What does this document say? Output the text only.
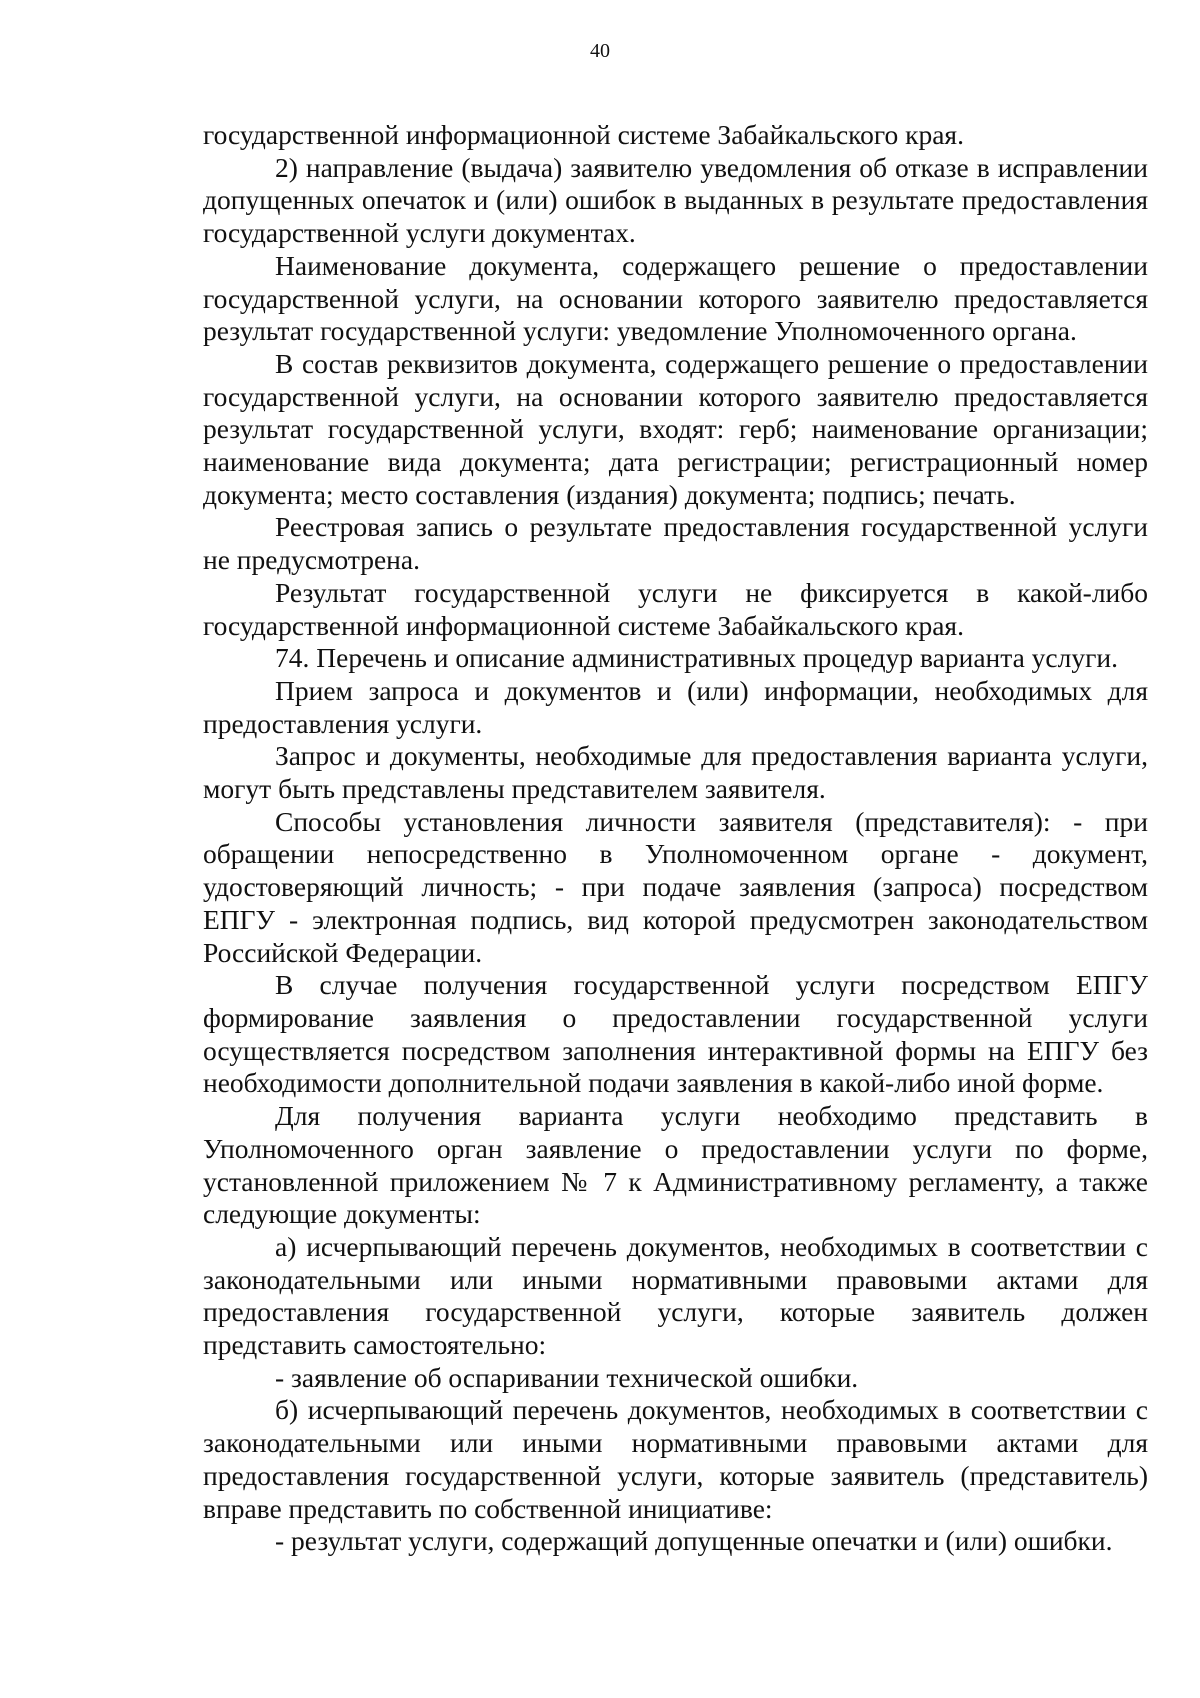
40

государственной информационной системе Забайкальского края.

2) направление (выдача) заявителю уведомления об отказе в исправлении допущенных опечаток и (или) ошибок в выданных в результате предоставления государственной услуги документах.

Наименование документа, содержащего решение о предоставлении государственной услуги, на основании которого заявителю предоставляется результат государственной услуги: уведомление Уполномоченного органа.

В состав реквизитов документа, содержащего решение о предоставлении государственной услуги, на основании которого заявителю предоставляется результат государственной услуги, входят: герб; наименование организации; наименование вида документа; дата регистрации; регистрационный номер документа; место составления (издания) документа; подпись; печать.

Реестровая запись о результате предоставления государственной услуги не предусмотрена.

Результат государственной услуги не фиксируется в какой-либо государственной информационной системе Забайкальского края.

74. Перечень и описание административных процедур варианта услуги.

Прием запроса и документов и (или) информации, необходимых для предоставления услуги.

Запрос и документы, необходимые для предоставления варианта услуги, могут быть представлены представителем заявителя.

Способы установления личности заявителя (представителя): - при обращении непосредственно в Уполномоченном органе - документ, удостоверяющий личность; - при подаче заявления (запроса) посредством ЕПГУ - электронная подпись, вид которой предусмотрен законодательством Российской Федерации.

В случае получения государственной услуги посредством ЕПГУ формирование заявления о предоставлении государственной услуги осуществляется посредством заполнения интерактивной формы на ЕПГУ без необходимости дополнительной подачи заявления в какой-либо иной форме.

Для получения варианта услуги необходимо представить в Уполномоченного орган заявление о предоставлении услуги по форме, установленной приложением № 7 к Административному регламенту, а также следующие документы:

а) исчерпывающий перечень документов, необходимых в соответствии с законодательными или иными нормативными правовыми актами для предоставления государственной услуги, которые заявитель должен представить самостоятельно:

- заявление об оспаривании технической ошибки.

б) исчерпывающий перечень документов, необходимых в соответствии с законодательными или иными нормативными правовыми актами для предоставления государственной услуги, которые заявитель (представитель) вправе представить по собственной инициативе:

- результат услуги, содержащий допущенные опечатки и (или) ошибки.
